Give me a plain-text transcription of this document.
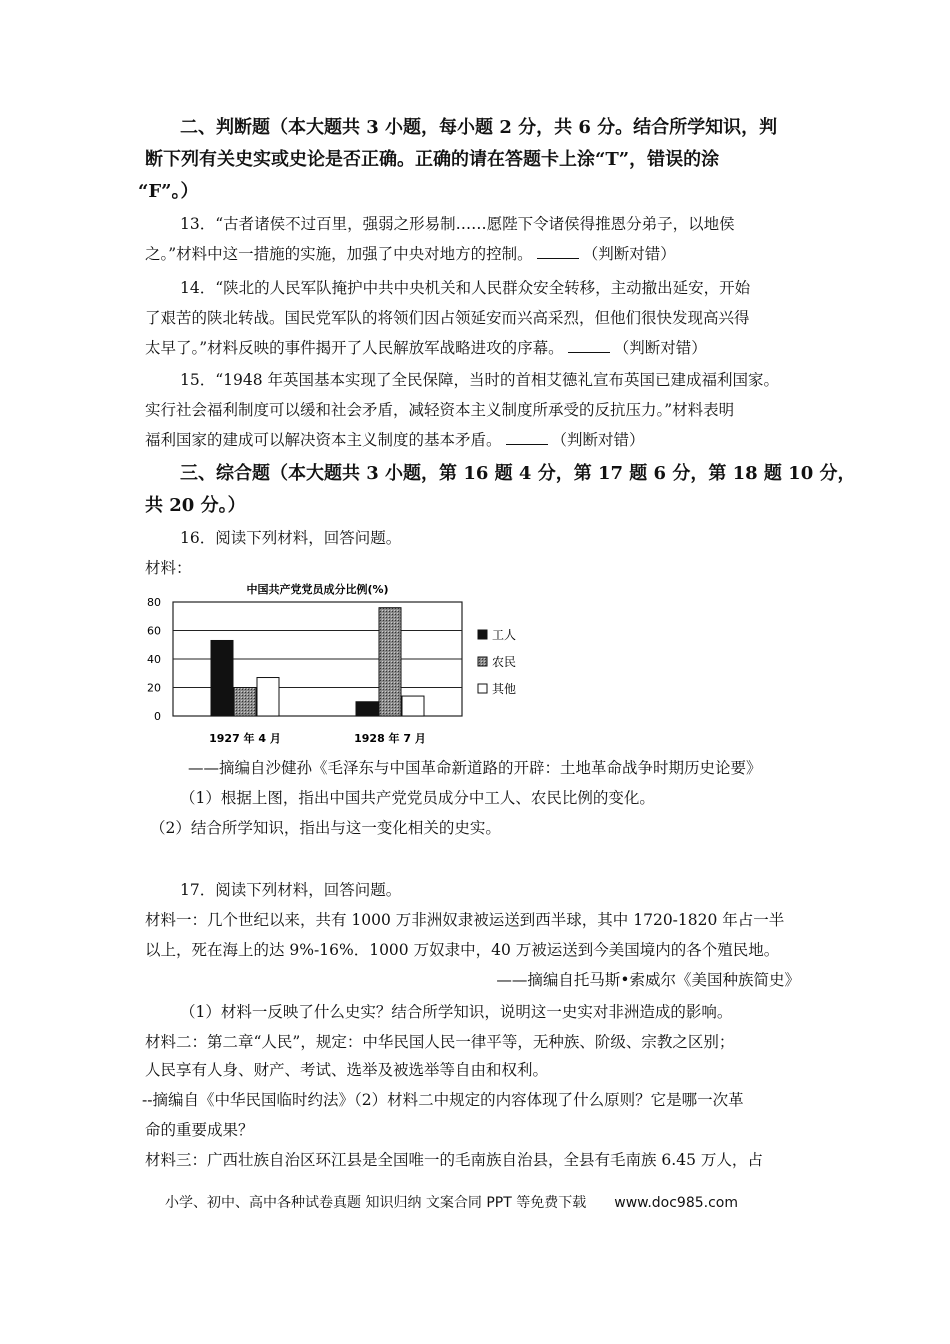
二、判断题（本大题共 3 小题，每小题 2 分，共 6 分。结合所学知识，判
断下列有关史实或史论是否正确。正确的请在答题卡上涂“T”，错误的涂
“F”。）
13．“古者诸侯不过百里，强弱之形易制……愿陛下令诸侯得推恩分弟子，以地侯
之。”材料中这一措施的实施，加强了中央对地方的控制。	（判断对错）
14．“陕北的人民军队掩护中共中央机关和人民群众安全转移，主动撤出延安，开始
了艰苦的陕北转战。国民党军队的将领们因占领延安而兴高采烈，但他们很快发现高兴得
太早了。”材料反映的事件揭开了人民解放军战略进攻的序幕。	（判断对错）
15．“1948 年英国基本实现了全民保障，当时的首相艾德礼宣布英国已建成福利国家。
实行社会福利制度可以缓和社会矛盾，减轻资本主义制度所承受的反抗压力。”材料表明
福利国家的建成可以解决资本主义制度的基本矛盾。	（判断对错）
三、综合题（本大题共 3 小题，第 16 题 4 分，第 17 题 6 分，第 18 题 10 分，
共 20 分。）
16．阅读下列材料，回答问题。
材料：
中国共产党党员成分比例(%)
0
20
40
60
80
1927 年 4 月	1928 年 7 月
工人
农民
其他
——摘编自沙健孙《毛泽东与中国革命新道路的开辟：土地革命战争时期历史论要》
（1）根据上图，指出中国共产党党员成分中工人、农民比例的变化。
（2）结合所学知识，指出与这一变化相关的史实。
17．阅读下列材料，回答问题。
材料一：几个世纪以来，共有 1000 万非洲奴隶被运送到西半球，其中 1720-1820 年占一半
以上，死在海上的达 9%-16%．1000 万奴隶中，40 万被运送到今美国境内的各个殖民地。
——摘编自托马斯•索威尔《美国种族简史》
（1）材料一反映了什么史实？结合所学知识，说明这一史实对非洲造成的影响。
材料二：第二章“人民”，规定：中华民国人民一律平等，无种族、阶级、宗教之区别；
人民享有人身、财产、考试、选举及被选举等自由和权利。
--摘编自《中华民国临时约法》（2）材料二中规定的内容体现了什么原则？它是哪一次革
命的重要成果？
材料三：广西壮族自治区环江县是全国唯一的毛南族自治县，全县有毛南族 6.45 万人，占
小学、初中、高中各种试卷真题 知识归纳 文案合同 PPT 等免费下载 www.doc985.com
